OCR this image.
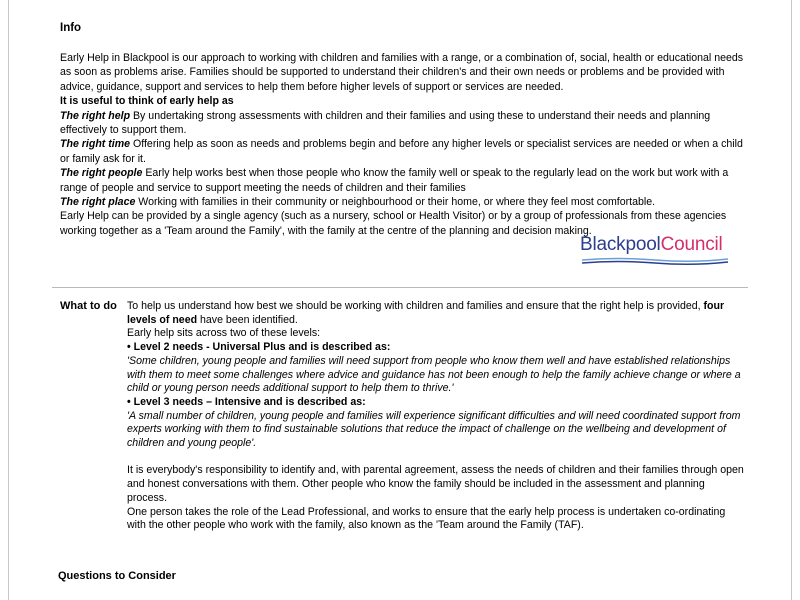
Info

Early Help in Blackpool is our approach to working with children and families with a range, or a combination of, social, health or educational needs as soon as problems arise. Families should be supported to understand their children's and their own needs or problems and be provided with advice, guidance, support and services to help them before higher levels of support or services are needed.

It is useful to think of early help as

The right help By undertaking strong assessments with children and their families and using these to understand their needs and planning effectively to support them.

The right time Offering help as soon as needs and problems begin and before any higher levels or specialist services are needed or when a child or family ask for it.

The right people Early help works best when those people who know the family well or speak to the regularly lead on the work but work with a range of people and service to support meeting the needs of children and their families

The right place Working with families in their community or neighbourhood or their home, or where they feel most comfortable.

Early Help can be provided by a single agency (such as a nursery, school or Health Visitor) or by a group of professionals from these agencies working together as a 'Team around the Family', with the family at the centre of the planning and decision making.

BlackpoolCouncil
What to do To help us understand how best we should be working with children and families and ensure that the right help is provided, four levels of need have been identified.

Early help sits across two of these levels:

• Level 2 needs - Universal Plus and is described as:

'Some children, young people and families will need support from people who know them well and have established relationships with them to meet some challenges where advice and guidance has not been enough to help the family achieve change or where a child or young person needs additional support to help them to thrive.'

• Level 3 needs – Intensive and is described as:

'A small number of children, young people and families will experience significant difficulties and will need coordinated support from experts working with them to find sustainable solutions that reduce the impact of challenge on the wellbeing and development of children and young people'.

It is everybody's responsibility to identify and, with parental agreement, assess the needs of children and their families through open and honest conversations with them. Other people who know the family should be included in the assessment and planning process.

One person takes the role of the Lead Professional, and works to ensure that the early help process is undertaken co-ordinating with the other people who work with the family, also known as the 'Team around the Family (TAF).

Questions to Consider
